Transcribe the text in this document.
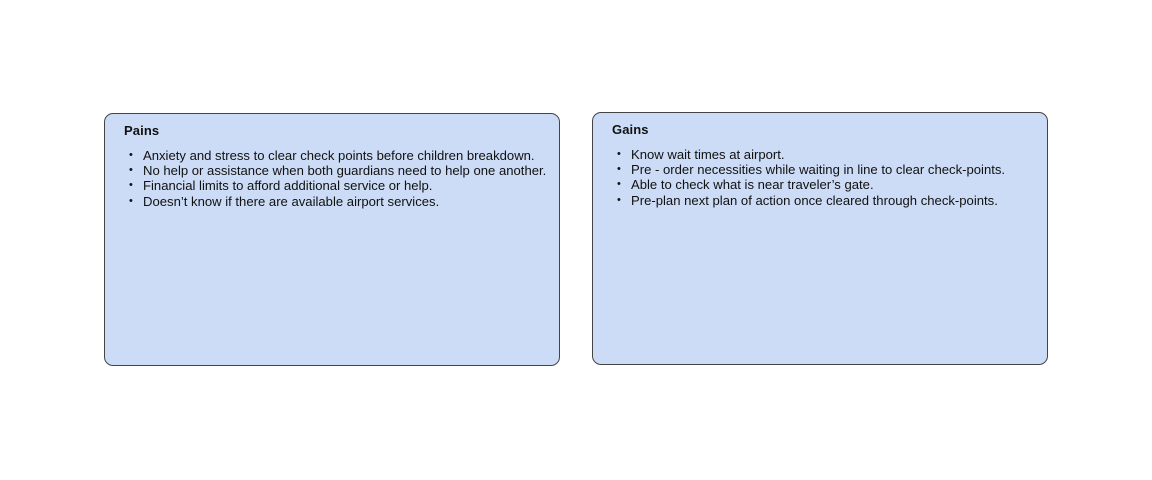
Pains
• Anxiety and stress to clear check points before children breakdown.
• No help or assistance when both guardians need to help one another.
• Financial limits to afford additional service or help.
• Doesn’t know if there are available airport services.
Gains
• Know wait times at airport.
• Pre - order necessities while waiting in line to clear check-points.
• Able to check what is near traveler’s gate.
• Pre-plan next plan of action once cleared through check-points.
